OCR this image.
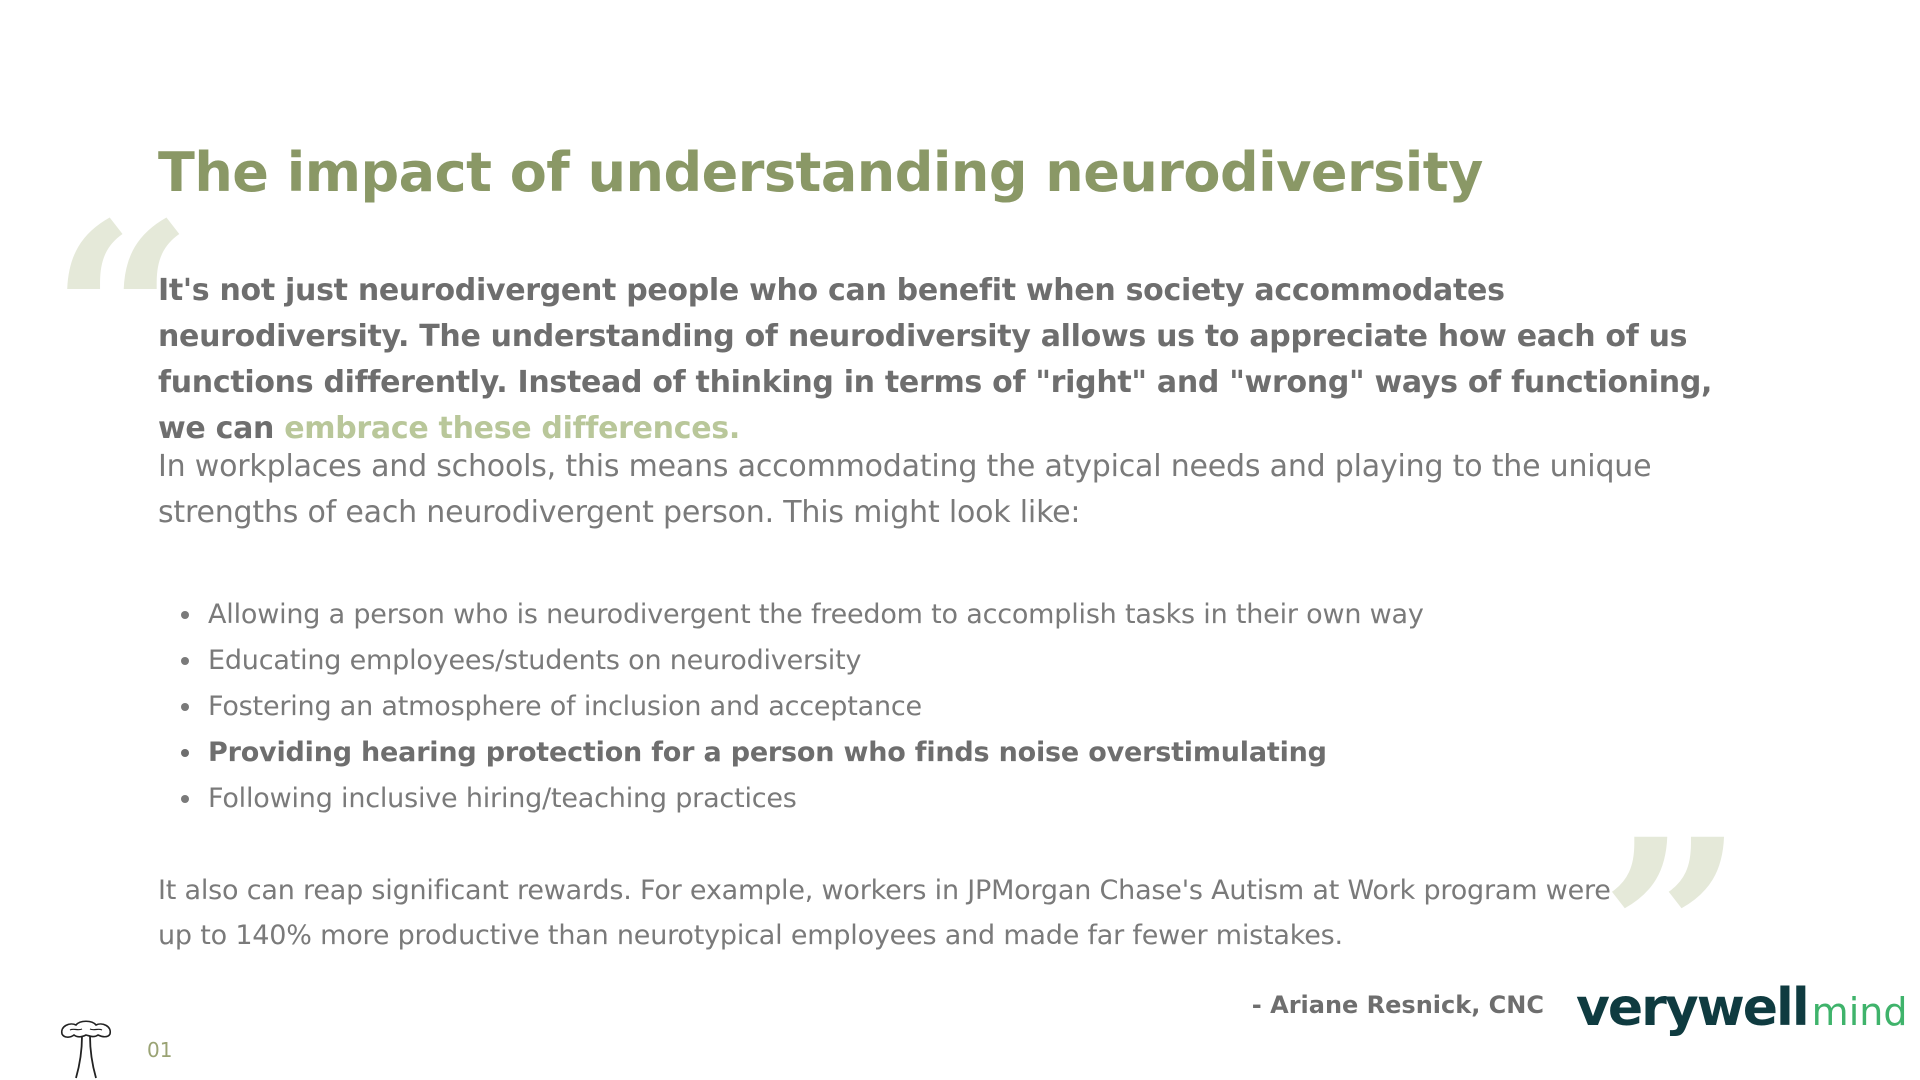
The impact of understanding neurodiversity

It's not just neurodivergent people who can benefit when society accommodates neurodiversity. The understanding of neurodiversity allows us to appreciate how each of us functions differently. Instead of thinking in terms of "right" and "wrong" ways of functioning, we can embrace these differences.

In workplaces and schools, this means accommodating the atypical needs and playing to the unique strengths of each neurodivergent person. This might look like:

• Allowing a person who is neurodivergent the freedom to accomplish tasks in their own way
• Educating employees/students on neurodiversity
• Fostering an atmosphere of inclusion and acceptance
• Providing hearing protection for a person who finds noise overstimulating
• Following inclusive hiring/teaching practices

It also can reap significant rewards. For example, workers in JPMorgan Chase's Autism at Work program were up to 140% more productive than neurotypical employees and made far fewer mistakes.

- Ariane Resnick, CNC verywell mind
01
